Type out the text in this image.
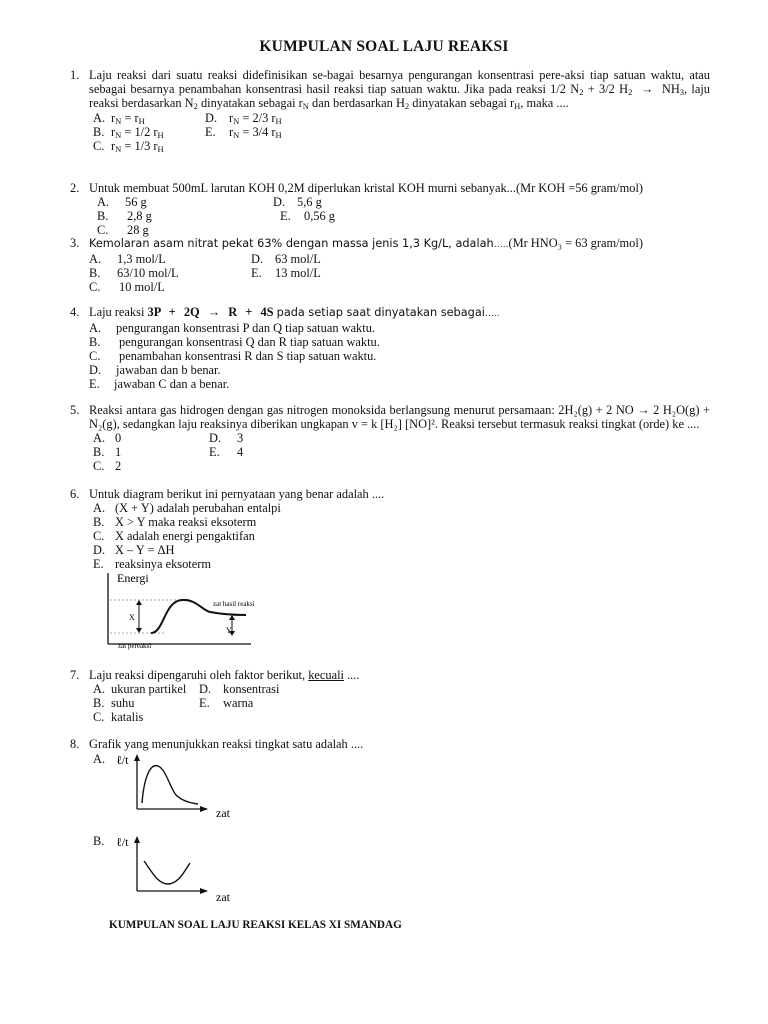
KUMPULAN SOAL LAJU REAKSI
1. Laju reaksi dari suatu reaksi didefinisikan se-bagai besarnya pengurangan konsentrasi pere-aksi tiap satuan waktu, atau sebagai besarnya penambahan konsentrasi hasil reaksi tiap satuan waktu. Jika pada reaksi 1/2 $N_2 + 3/2$ $H_2 \to NH_3$, laju reaksi berdasarkan $N_2$ dinyatakan sebagai $r_N$ dan berdasarkan $H_2$ dinyatakan sebagai $r_H$, maka ....
A. $r_N = r_H$	D. $r_N = 2/3$ $r_H$
B. $r_N = 1/2$ $r_H$	E.	$r_N = 3/4$ $r_H$
C. $r_N = 1/3$ $r_H$
2. Untuk membuat 500mL larutan KOH 0,2M diperlukan kristal KOH murni sebanyak...(Mr KOH =56 gram/mol)
A.	56 g	D. 5,6 g
B.	2,8 g	E.	0,56 g
C.	28 g
3. Kemolaran asam nitrat pekat 63% dengan massa jenis 1,3 Kg/L, adalah…..(Mr HNO₃ = 63 gram/mol)
A.	1,3 mol/L	D. 63 mol/L
B.	63/10 mol/L	E.	13 mol/L
C.	10 mol/L
4. Laju reaksi 3P + 2Q → R + 4S pada setiap saat dinyatakan sebagai…..
A.	pengurangan konsentrasi P dan Q tiap satuan waktu.
B.	pengurangan konsentrasi Q dan R tiap satuan waktu.
C.	penambahan konsentrasi R dan S tiap satuan waktu.
D.	jawaban dan b benar.
E.	jawaban C dan a benar.
5. Reaksi antara gas hidrogen dengan gas nitrogen monoksida berlangsung menurut persamaan: 2H₂(g) + 2 NO → 2 H₂O(g) + N₂(g), sedangkan laju reaksinya diberikan ungkapan v = k [H₂] [NO]². Reaksi tersebut termasuk reaksi tingkat (orde) ke ....
A. 0	D.	3
B. 1	E.	4
C. 2
6. Untuk diagram berikut ini pernyataan yang benar adalah ....
A. (X + Y) adalah perubahan entalpi
B. X > Y maka reaksi eksoterm
C. X adalah energi pengaktifan
D. X – Y = ΔH
E. reaksinya eksoterm
Energi
X
Y
zat hasil reaksi
zat pereaksi
7. Laju reaksi dipengaruhi oleh faktor berikut, kecuali ....
A. ukuran partikel	D. konsentrasi
B. suhu	E.	warna
C. katalis
8. Grafik yang menunjukkan reaksi tingkat satu adalah ....
A. ℓ/t
zat
B. ℓ/t
zat
KUMPULAN SOAL LAJU REAKSI KELAS XI SMANDAG
